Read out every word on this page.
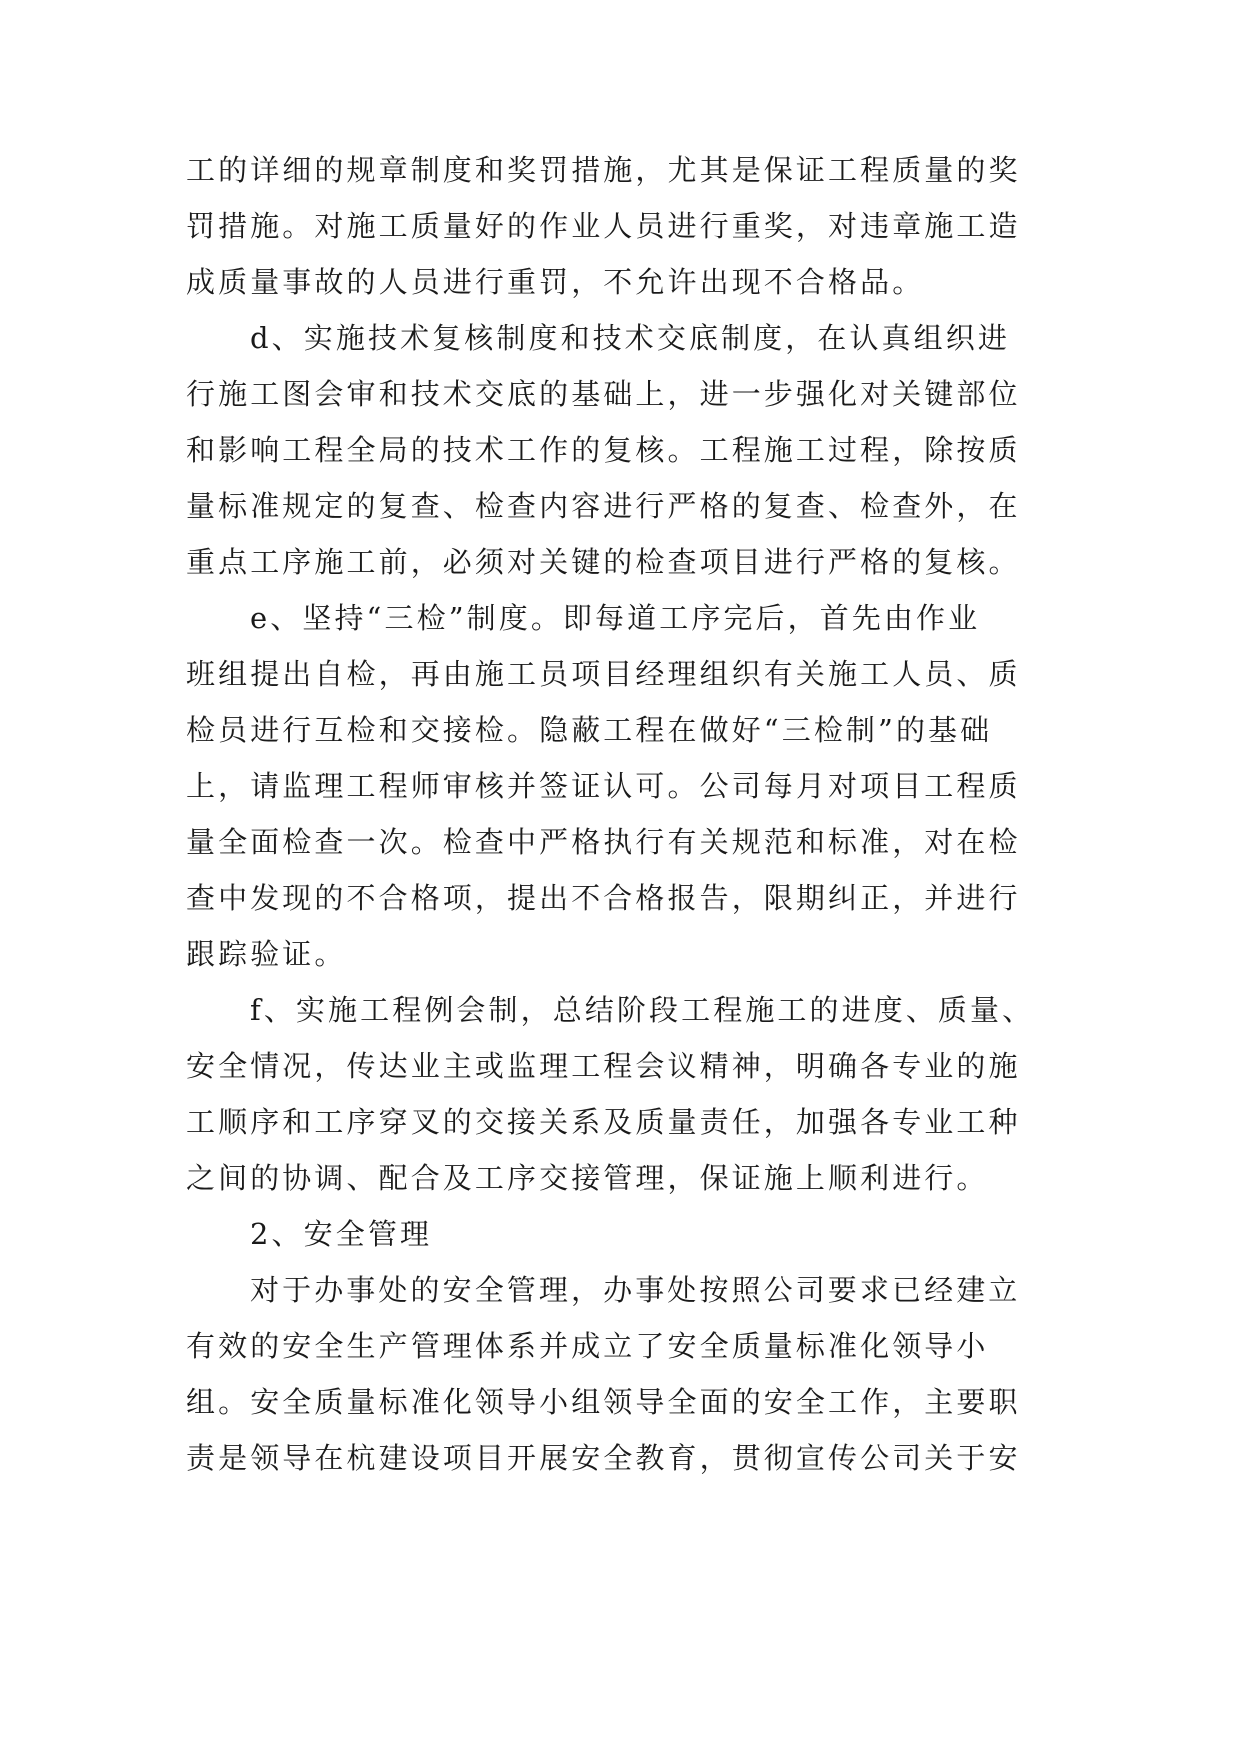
工的详细的规章制度和奖罚措施，尤其是保证工程质量的奖

罚措施。对施工质量好的作业人员进行重奖，对违章施工造

成质量事故的人员进行重罚，不允许出现不合格品。

d、实施技术复核制度和技术交底制度，在认真组织进

行施工图会审和技术交底的基础上，进一步强化对关键部位

和影响工程全局的技术工作的复核。工程施工过程，除按质

量标准规定的复查、检查内容进行严格的复查、检查外，在

重点工序施工前，必须对关键的检查项目进行严格的复核。

e、坚持“三检”制度。即每道工序完后，首先由作业

班组提出自检，再由施工员项目经理组织有关施工人员、质

检员进行互检和交接检。隐蔽工程在做好“三检制”的基础

上，请监理工程师审核并签证认可。公司每月对项目工程质

量全面检查一次。检查中严格执行有关规范和标准，对在检

查中发现的不合格项，提出不合格报告，限期纠正，并进行

跟踪验证。

f、实施工程例会制，总结阶段工程施工的进度、质量、

安全情况，传达业主或监理工程会议精神，明确各专业的施

工顺序和工序穿叉的交接关系及质量责任，加强各专业工种

之间的协调、配合及工序交接管理，保证施上顺利进行。

2、安全管理

对于办事处的安全管理，办事处按照公司要求已经建立

有效的安全生产管理体系并成立了安全质量标准化领导小

组。安全质量标准化领导小组领导全面的安全工作，主要职

责是领导在杭建设项目开展安全教育，贯彻宣传公司关于安
